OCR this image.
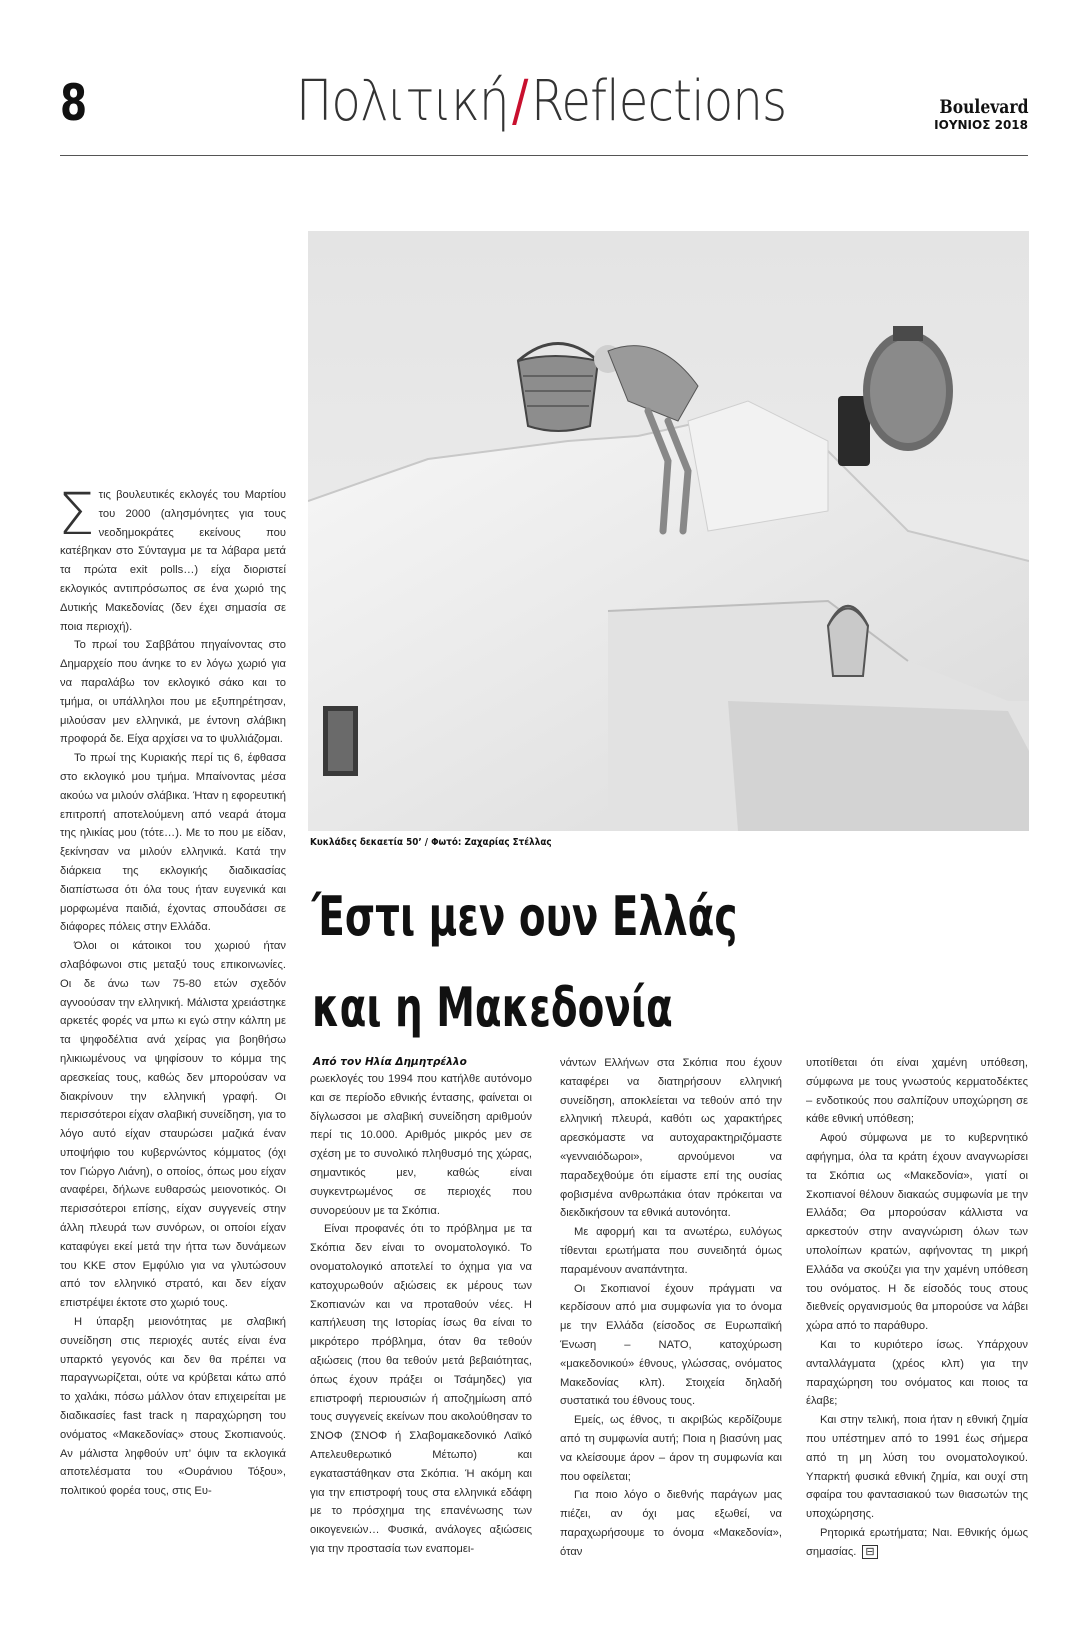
8	Πολιτική/Reflections	Boulevard
ΙΟΥΝΙΟΣ 2018
Κυκλάδες δεκαετία 50’ / Φωτό: Ζαχαρίας Στέλλας
Έστι μεν ουν Ελλάς
και η Μακεδονία
Από τον Ηλία Δημητρέλλο
Σ τις βουλευτικές εκλογές του Μαρτίου του 2000 (αλησμόνητες για τους νεοδημοκράτες εκείνους που κατέβηκαν στο Σύνταγμα με τα λάβαρα μετά τα πρώτα exit polls…) είχα διοριστεί εκλογικός αντιπρόσωπος σε ένα χωριό της Δυτικής Μακεδονίας (δεν έχει σημασία σε ποια περιοχή).

Το πρωί του Σαββάτου πηγαίνοντας στο Δημαρχείο που άνηκε το εν λόγω χωριό για να παραλάβω τον εκλογικό σάκο και το τμήμα, οι υπάλληλοι που με εξυπηρέτησαν, μιλούσαν μεν ελληνικά, με έντονη σλάβικη προφορά δε. Είχα αρχίσει να το ψυλλιάζομαι.

Το πρωί της Κυριακής περί τις 6, έφθασα στο εκλογικό μου τμήμα. Μπαίνοντας μέσα ακούω να μιλούν σλάβικα. Ήταν η εφορευτική επιτροπή αποτελούμενη από νεαρά άτομα της ηλικίας μου (τότε…). Με το που με είδαν, ξεκίνησαν να μιλούν ελληνικά. Κατά την διάρκεια της εκλογικής διαδικασίας διαπίστωσα ότι όλα τους ήταν ευγενικά και μορφωμένα παιδιά, έχοντας σπουδάσει σε διάφορες πόλεις στην Ελλάδα.

Όλοι οι κάτοικοι του χωριού ήταν σλαβόφωνοι στις μεταξύ τους επικοινωνίες. Οι δε άνω των 75-80 ετών σχεδόν αγνοούσαν την ελληνική. Μάλιστα χρειάστηκε αρκετές φορές να μπω κι εγώ στην κάλπη με τα ψηφοδέλτια ανά χείρας για βοηθήσω ηλικιωμένους να ψηφίσουν το κόμμα της αρεσκείας τους, καθώς δεν μπορούσαν να διακρίνουν την ελληνική γραφή. Οι περισσότεροι είχαν σλαβική συνείδηση, για το λόγο αυτό είχαν σταυρώσει μαζικά έναν υποψήφιο του κυβερνώντος κόμματος (όχι τον Γιώργο Λιάνη), ο οποίος, όπως μου είχαν αναφέρει, δήλωνε ευθαρσώς μειονοτικός. Οι περισσότεροι επίσης, είχαν συγγενείς στην άλλη πλευρά των συνόρων, οι οποίοι είχαν καταφύγει εκεί μετά την ήττα των δυνάμεων του ΚΚΕ στον Εμφύλιο για να γλυτώσουν από τον ελληνικό στρατό, και δεν είχαν επιστρέψει έκτοτε στο χωριό τους.

Η ύπαρξη μειονότητας με σλαβική συνείδηση στις περιοχές αυτές είναι ένα υπαρκτό γεγονός και δεν θα πρέπει να παραγνωρίζεται, ούτε να κρύβεται κάτω από το χαλάκι, πόσω μάλλον όταν επιχειρείται με διαδικασίες fast track η παραχώρηση του ονόματος «Μακεδονίας» στους Σκοπιανούς. Αν μάλιστα ληφθούν υπ’ όψιν τα εκλογικά αποτελέσματα του «Ουράνιου Τόξου», πολιτικού φορέα τους, στις Ευ-

ρωεκλογές του 1994 που κατήλθε αυτόνομο και σε περίοδο εθνικής έντασης, φαίνεται οι δίγλωσσοι με σλαβική συνείδηση αριθμούν περί τις 10.000. Αριθμός μικρός μεν σε σχέση με το συνολικό πληθυσμό της χώρας, σημαντικός μεν, καθώς είναι συγκεντρωμένος σε περιοχές που συνορεύουν με τα Σκόπια.

Είναι προφανές ότι το πρόβλημα με τα Σκόπια δεν είναι το ονοματολογικό. Το ονοματολογικό αποτελεί το όχημα για να κατοχυρωθούν αξιώσεις εκ μέρους των Σκοπιανών και να προταθούν νέες. Η καπήλευση της Ιστορίας ίσως θα είναι το μικρότερο πρόβλημα, όταν θα τεθούν αξιώσεις (που θα τεθούν μετά βεβαιότητας, όπως έχουν πράξει οι Τσάμηδες) για επιστροφή περιουσιών ή αποζημίωση από τους συγγενείς εκείνων που ακολούθησαν το ΣΝΟΦ (ΣΝΟΦ ή Σλαβομακεδονικό Λαϊκό Απελευθερωτικό Μέτωπο) και εγκαταστάθηκαν στα Σκόπια. Ή ακόμη και για την επιστροφή τους στα ελληνικά εδάφη με το πρόσχημα της επανένωσης των οικογενειών… Φυσικά, ανάλογες αξιώσεις για την προστασία των εναπομει-

νάντων Ελλήνων στα Σκόπια που έχουν καταφέρει να διατηρήσουν ελληνική συνείδηση, αποκλείεται να τεθούν από την ελληνική πλευρά, καθότι ως χαρακτήρες αρεσκόμαστε να αυτοχαρακτηριζόμαστε «γενναιόδωροι», αρνούμενοι να παραδεχθούμε ότι είμαστε επί της ουσίας φοβισμένα ανθρωπάκια όταν πρόκειται να διεκδικήσουν τα εθνικά αυτονόητα.

Με αφορμή και τα ανωτέρω, ευλόγως τίθενται ερωτήματα που συνειδητά όμως παραμένουν αναπάντητα.

Οι Σκοπιανοί έχουν πράγματι να κερδίσουν από μια συμφωνία για το όνομα με την Ελλάδα (είσοδος σε Ευρωπαϊκή Ένωση – ΝΑΤΟ, κατοχύρωση «μακεδονικού» έθνους, γλώσσας, ονόματος Μακεδονίας κλπ). Στοιχεία δηλαδή συστατικά του έθνους τους.

Εμείς, ως έθνος, τι ακριβώς κερδίζουμε από τη συμφωνία αυτή; Ποια η βιασύνη μας να κλείσουμε άρον – άρον τη συμφωνία και που οφείλεται;

Για ποιο λόγο ο διεθνής παράγων μας πιέζει, αν όχι μας εξωθεί, να παραχωρήσουμε το όνομα «Μακεδονία», όταν

υποτίθεται ότι είναι χαμένη υπόθεση, σύμφωνα με τους γνωστούς κερματοδέκτες – ενδοτικούς που σαλπίζουν υποχώρηση σε κάθε εθνική υπόθεση;

Αφού σύμφωνα με το κυβερνητικό αφήγημα, όλα τα κράτη έχουν αναγνωρίσει τα Σκόπια ως «Μακεδονία», γιατί οι Σκοπιανοί θέλουν διακαώς συμφωνία με την Ελλάδα; Θα μπορούσαν κάλλιστα να αρκεστούν στην αναγνώριση όλων των υπολοίπων κρατών, αφήνοντας τη μικρή Ελλάδα να σκούζει για την χαμένη υπόθεση του ονόματος. Η δε είσοδός τους στους διεθνείς οργανισμούς θα μπορούσε να λάβει χώρα από το παράθυρο.

Και το κυριότερο ίσως. Υπάρχουν ανταλλάγματα (χρέος κλπ) για την παραχώρηση του ονόματος και ποιος τα έλαβε;

Και στην τελική, ποια ήταν η εθνική ζημία που υπέστημεν από το 1991 έως σήμερα από τη μη λύση του ονοματολογικού. Υπαρκτή φυσικά εθνική ζημία, και ουχί στη σφαίρα του φαντασιακού των θιασωτών της υποχώρησης.

Ρητορικά ερωτήματα; Ναι. Εθνικής όμως σημασίας. ⊟
